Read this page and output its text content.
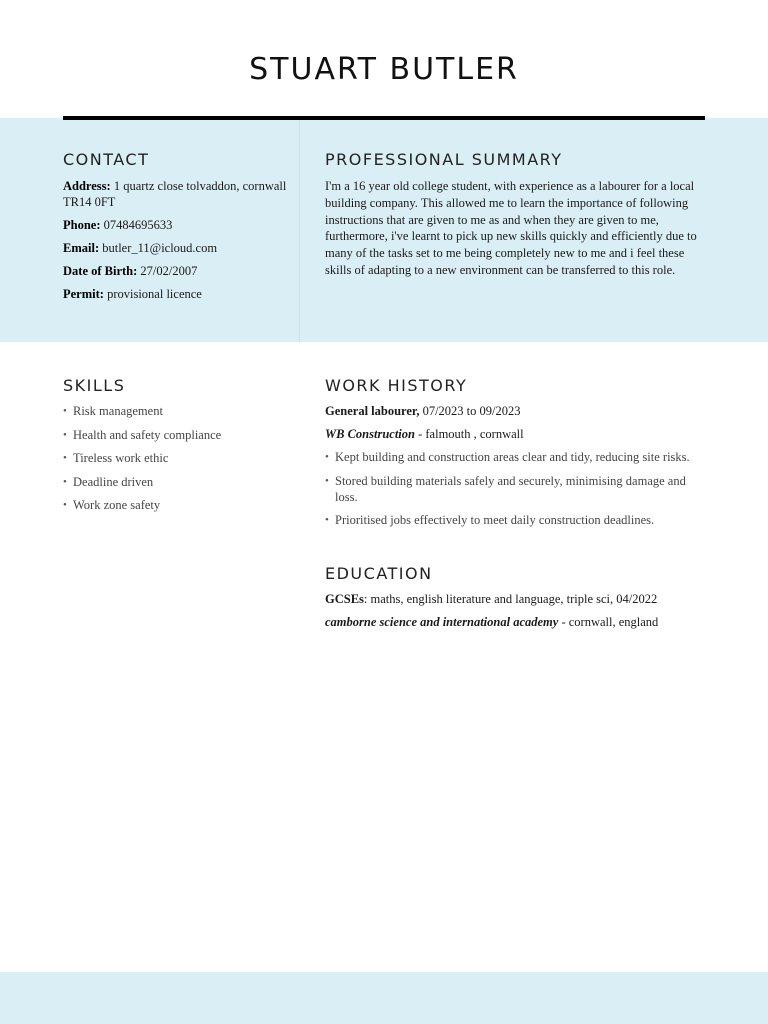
STUART BUTLER
CONTACT

Address: 1 quartz close tolvaddon, cornwall TR14 0FT

Phone: 07484695633

Email: butler_11@icloud.com

Date of Birth: 27/02/2007

Permit: provisional licence

PROFESSIONAL SUMMARY

I'm a 16 year old college student, with experience as a labourer for a local building company. This allowed me to learn the importance of following instructions that are given to me as and when they are given to me, furthermore, i've learnt to pick up new skills quickly and efficiently due to many of the tasks set to me being completely new to me and i feel these skills of adapting to a new environment can be transferred to this role.

SKILLS
• Risk management
• Health and safety compliance
• Tireless work ethic
• Deadline driven
• Work zone safety
WORK HISTORY

General labourer, 07/2023 to 09/2023

WB Construction - falmouth , cornwall

• Kept building and construction areas clear and tidy, reducing site risks.
• Stored building materials safely and securely, minimising damage and loss.
• Prioritised jobs effectively to meet daily construction deadlines.
EDUCATION

GCSEs: maths, english literature and language, triple sci, 04/2022

camborne science and international academy - cornwall, england
